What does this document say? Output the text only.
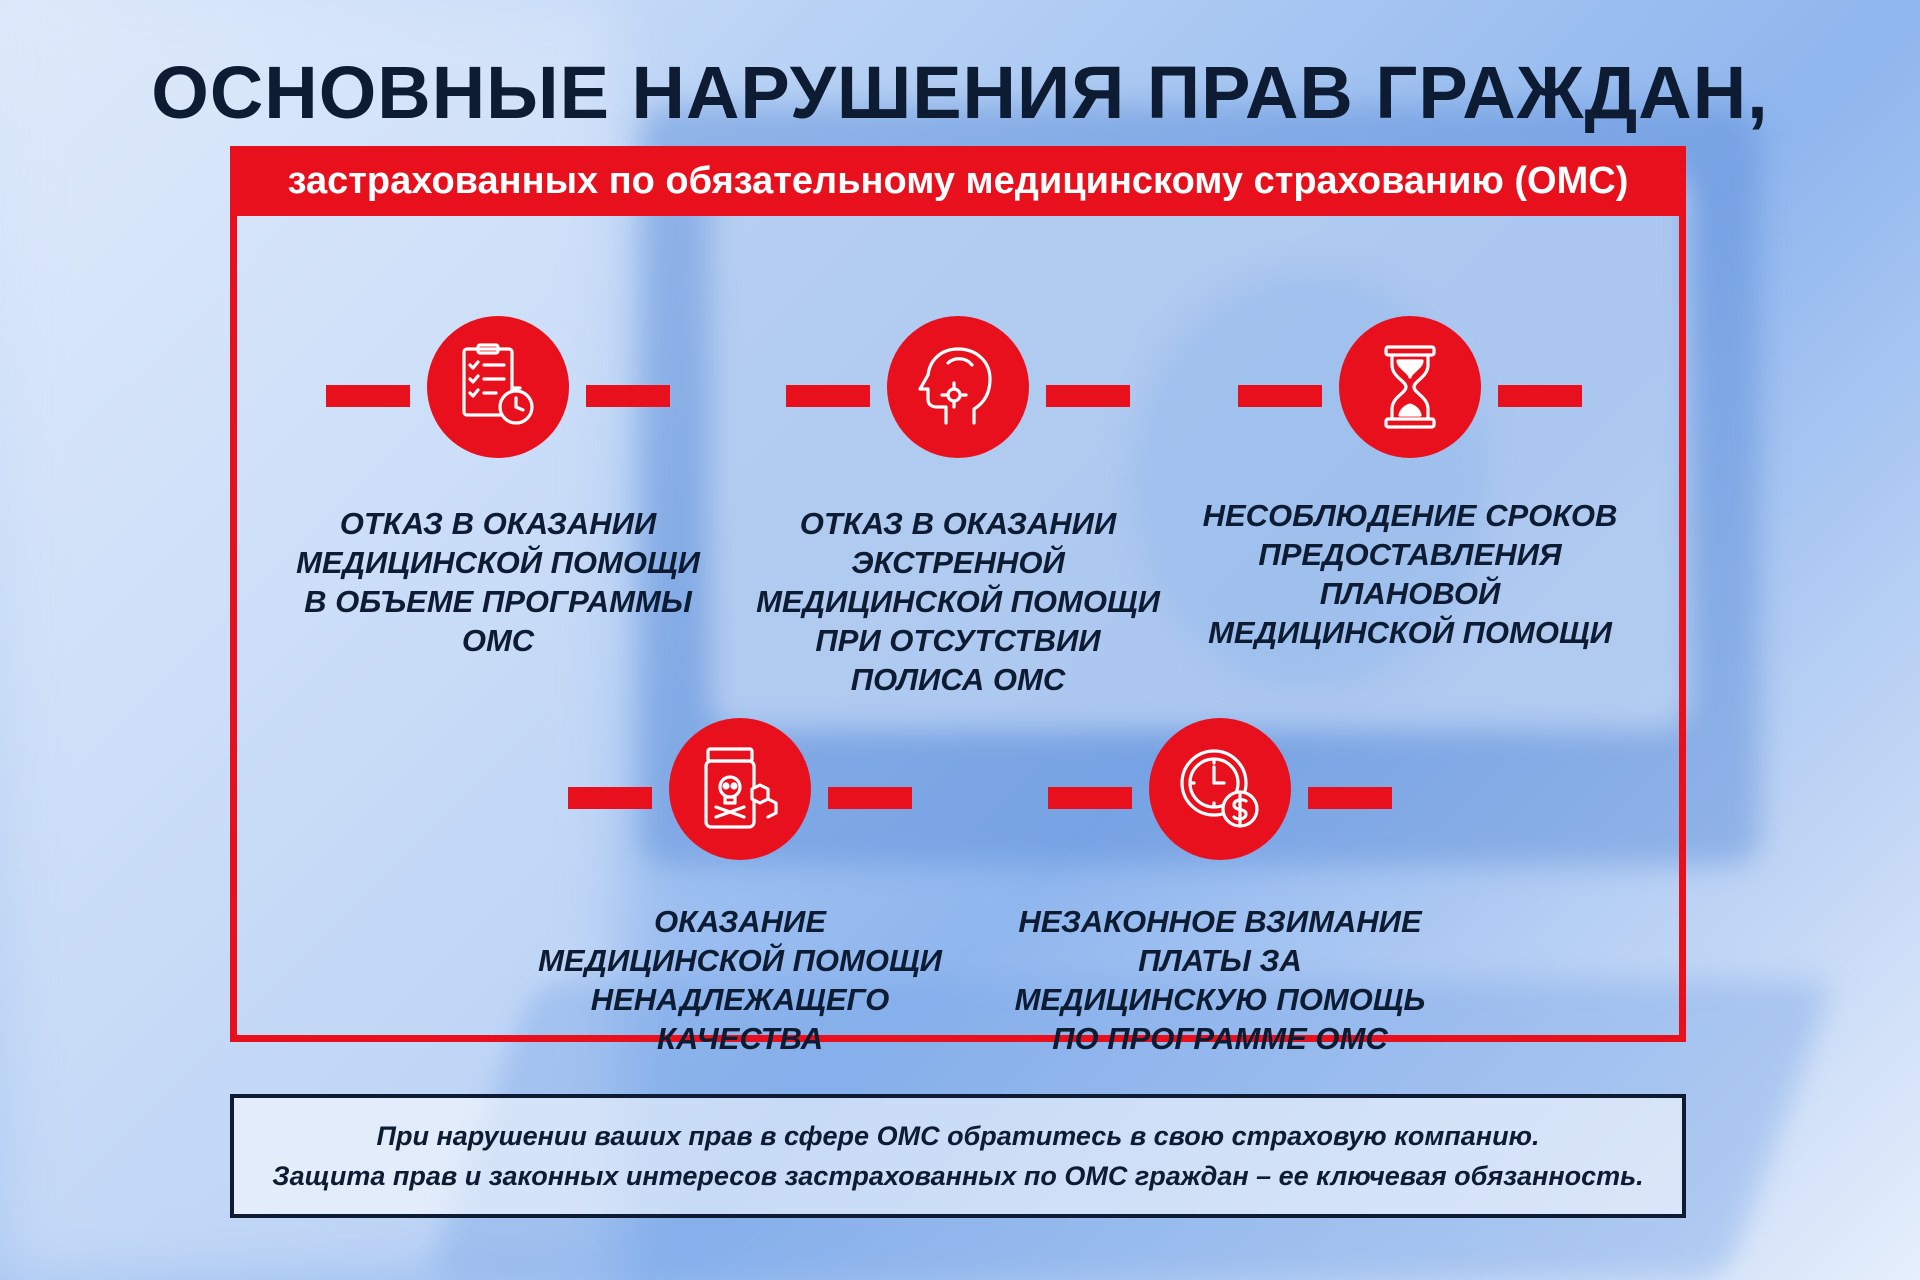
ОСНОВНЫЕ НАРУШЕНИЯ ПРАВ ГРАЖДАН,
застрахованных по обязательному медицинскому страхованию (ОМС)
ОТКАЗ В ОКАЗАНИИ МЕДИЦИНСКОЙ ПОМОЩИ В ОБЪЕМЕ ПРОГРАММЫ ОМС
ОТКАЗ В ОКАЗАНИИ ЭКСТРЕННОЙ МЕДИЦИНСКОЙ ПОМОЩИ ПРИ ОТСУТСТВИИ ПОЛИСА ОМС
НЕСОБЛЮДЕНИЕ СРОКОВ ПРЕДОСТАВЛЕНИЯ ПЛАНОВОЙ МЕДИЦИНСКОЙ ПОМОЩИ
ОКАЗАНИЕ МЕДИЦИНСКОЙ ПОМОЩИ НЕНАДЛЕЖАЩЕГО КАЧЕСТВА
НЕЗАКОННОЕ ВЗИМАНИЕ ПЛАТЫ ЗА МЕДИЦИНСКУЮ ПОМОЩЬ ПО ПРОГРАММЕ ОМС
При нарушении ваших прав в сфере ОМС обратитесь в свою страховую компанию.
Защита прав и законных интересов застрахованных по ОМС граждан – ее ключевая обязанность.
